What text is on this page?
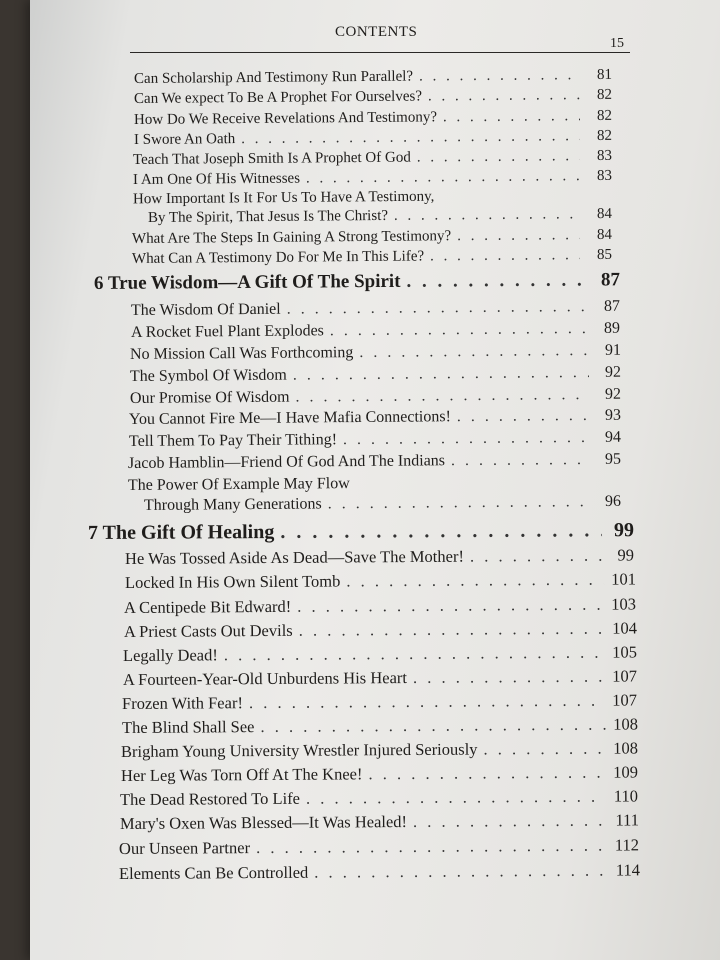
CONTENTS
15
Can Scholarship And Testimony Run Parallel? . . .	81
Can We expect To Be A Prophet For Ourselves? . . .	82
How Do We Receive Revelations And Testimony? . . .	82
I Swore An Oath . . .	82
Teach That Joseph Smith Is A Prophet Of God . . .	83
I Am One Of His Witnesses . . .	83
How Important Is It For Us To Have A Testimony,
By The Spirit, That Jesus Is The Christ? . . .	84
What Are The Steps In Gaining A Strong Testimony? . . .	84
What Can A Testimony Do For Me In This Life? . . .	85
6 True Wisdom—A Gift Of The Spirit . . .	87
The Wisdom Of Daniel . . .	87
A Rocket Fuel Plant Explodes . . .	89
No Mission Call Was Forthcoming . . .	91
The Symbol Of Wisdom . . .	92
Our Promise Of Wisdom . . .	92
You Cannot Fire Me—I Have Mafia Connections! . . .	93
Tell Them To Pay Their Tithing! . . .	94
Jacob Hamblin—Friend Of God And The Indians . . .	95
The Power Of Example May Flow
Through Many Generations . . .	96
7 The Gift Of Healing . . .	99
He Was Tossed Aside As Dead—Save The Mother! . . .	99
Locked In His Own Silent Tomb . . .	101
A Centipede Bit Edward! . . .	103
A Priest Casts Out Devils . . .	104
Legally Dead! . . .	105
A Fourteen-Year-Old Unburdens His Heart . . .	107
Frozen With Fear! . . .	107
The Blind Shall See . . .	108
Brigham Young University Wrestler Injured Seriously . . .	108
Her Leg Was Torn Off At The Knee! . . .	109
The Dead Restored To Life . . .	110
Mary's Oxen Was Blessed—It Was Healed! . . .	111
Our Unseen Partner . . .	112
Elements Can Be Controlled . . .	114
